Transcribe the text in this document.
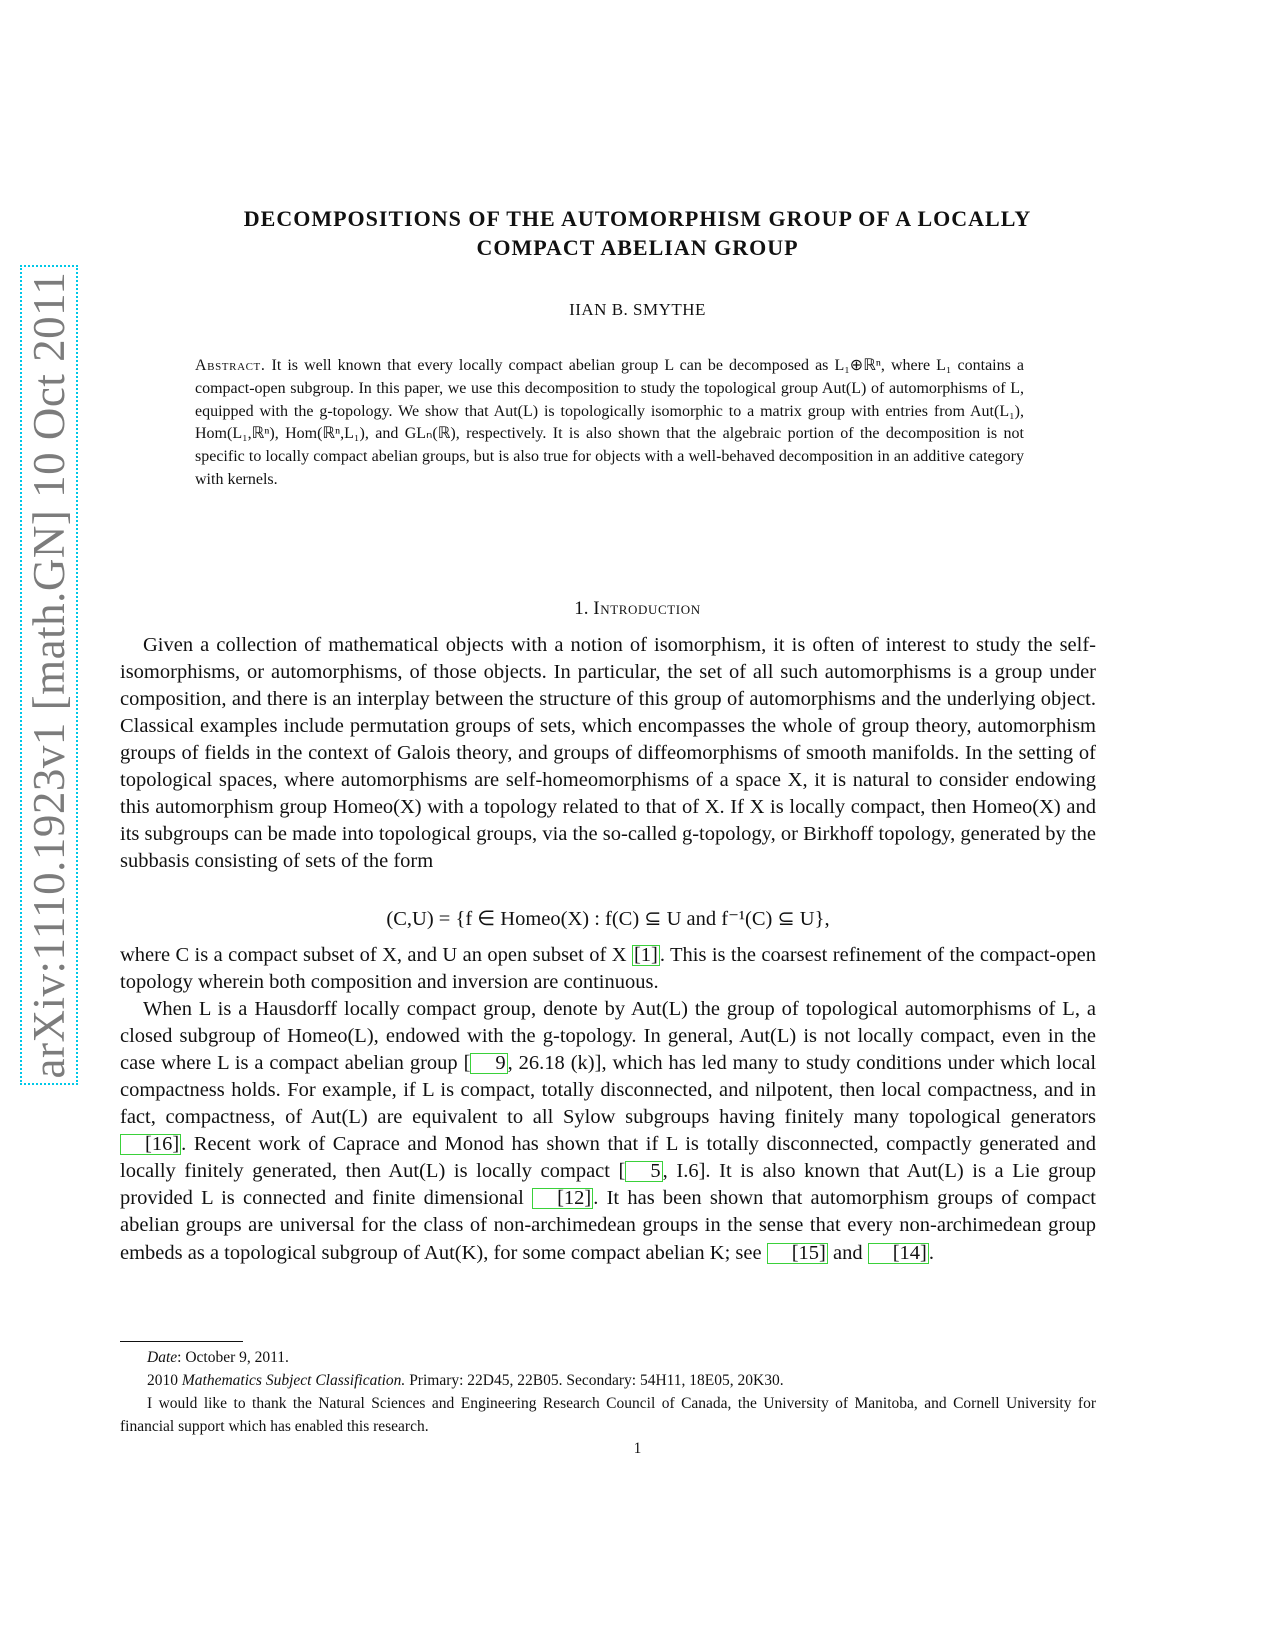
arXiv:1110.1923v1 [math.GN] 10 Oct 2011
DECOMPOSITIONS OF THE AUTOMORPHISM GROUP OF A LOCALLY
COMPACT ABELIAN GROUP
IIAN B. SMYTHE
Abstract. It is well known that every locally compact abelian group L can be decomposed as L₁⊕ℝⁿ, where L₁ contains a compact-open subgroup. In this paper, we use this decomposition to study the topological group Aut(L) of automorphisms of L, equipped with the g-topology. We show that Aut(L) is topologically isomorphic to a matrix group with entries from Aut(L₁), Hom(L₁,ℝⁿ), Hom(ℝⁿ,L₁), and GLₙ(ℝ), respectively. It is also shown that the algebraic portion of the decomposition is not specific to locally compact abelian groups, but is also true for objects with a well-behaved decomposition in an additive category with kernels.
1. Introduction

Given a collection of mathematical objects with a notion of isomorphism, it is often of interest to study the self-isomorphisms, or automorphisms, of those objects. In particular, the set of all such automorphisms is a group under composition, and there is an interplay between the structure of this group of automorphisms and the underlying object. Classical examples include permutation groups of sets, which encompasses the whole of group theory, automorphism groups of fields in the context of Galois theory, and groups of diffeomorphisms of smooth manifolds. In the setting of topological spaces, where automorphisms are self-homeomorphisms of a space X, it is natural to consider endowing this automorphism group Homeo(X) with a topology related to that of X. If X is locally compact, then Homeo(X) and its subgroups can be made into topological groups, via the so-called g-topology, or Birkhoff topology, generated by the subbasis consisting of sets of the form

(C,U) = {f ∈ Homeo(X) : f(C) ⊆ U and f⁻¹(C) ⊆ U},

where C is a compact subset of X, and U an open subset of X [1]. This is the coarsest refinement of the compact-open topology wherein both composition and inversion are continuous.

When L is a Hausdorff locally compact group, denote by Aut(L) the group of topological automorphisms of L, a closed subgroup of Homeo(L), endowed with the g-topology. In general, Aut(L) is not locally compact, even in the case where L is a compact abelian group [ 9, 26.18 (k)], which has led many to study conditions under which local compactness holds. For example, if L is compact, totally disconnected, and nilpotent, then local compactness, and in fact, compactness, of Aut(L) are equivalent to all Sylow subgroups having finitely many topological generators [16]. Recent work of Caprace and Monod has shown that if L is totally disconnected, compactly generated and locally finitely generated, then Aut(L) is locally compact [ 5, I.6]. It is also known that Aut(L) is a Lie group provided L is connected and finite dimensional [12]. It has been shown that automorphism groups of compact abelian groups are universal for the class of non-archimedean groups in the sense that every non-archimedean group embeds as a topological subgroup of Aut(K), for some compact abelian K; see [15] and [14].

Date: October 9, 2011.

2010 Mathematics Subject Classification. Primary: 22D45, 22B05. Secondary: 54H11, 18E05, 20K30.

I would like to thank the Natural Sciences and Engineering Research Council of Canada, the University of Manitoba, and Cornell University for financial support which has enabled this research.

1
